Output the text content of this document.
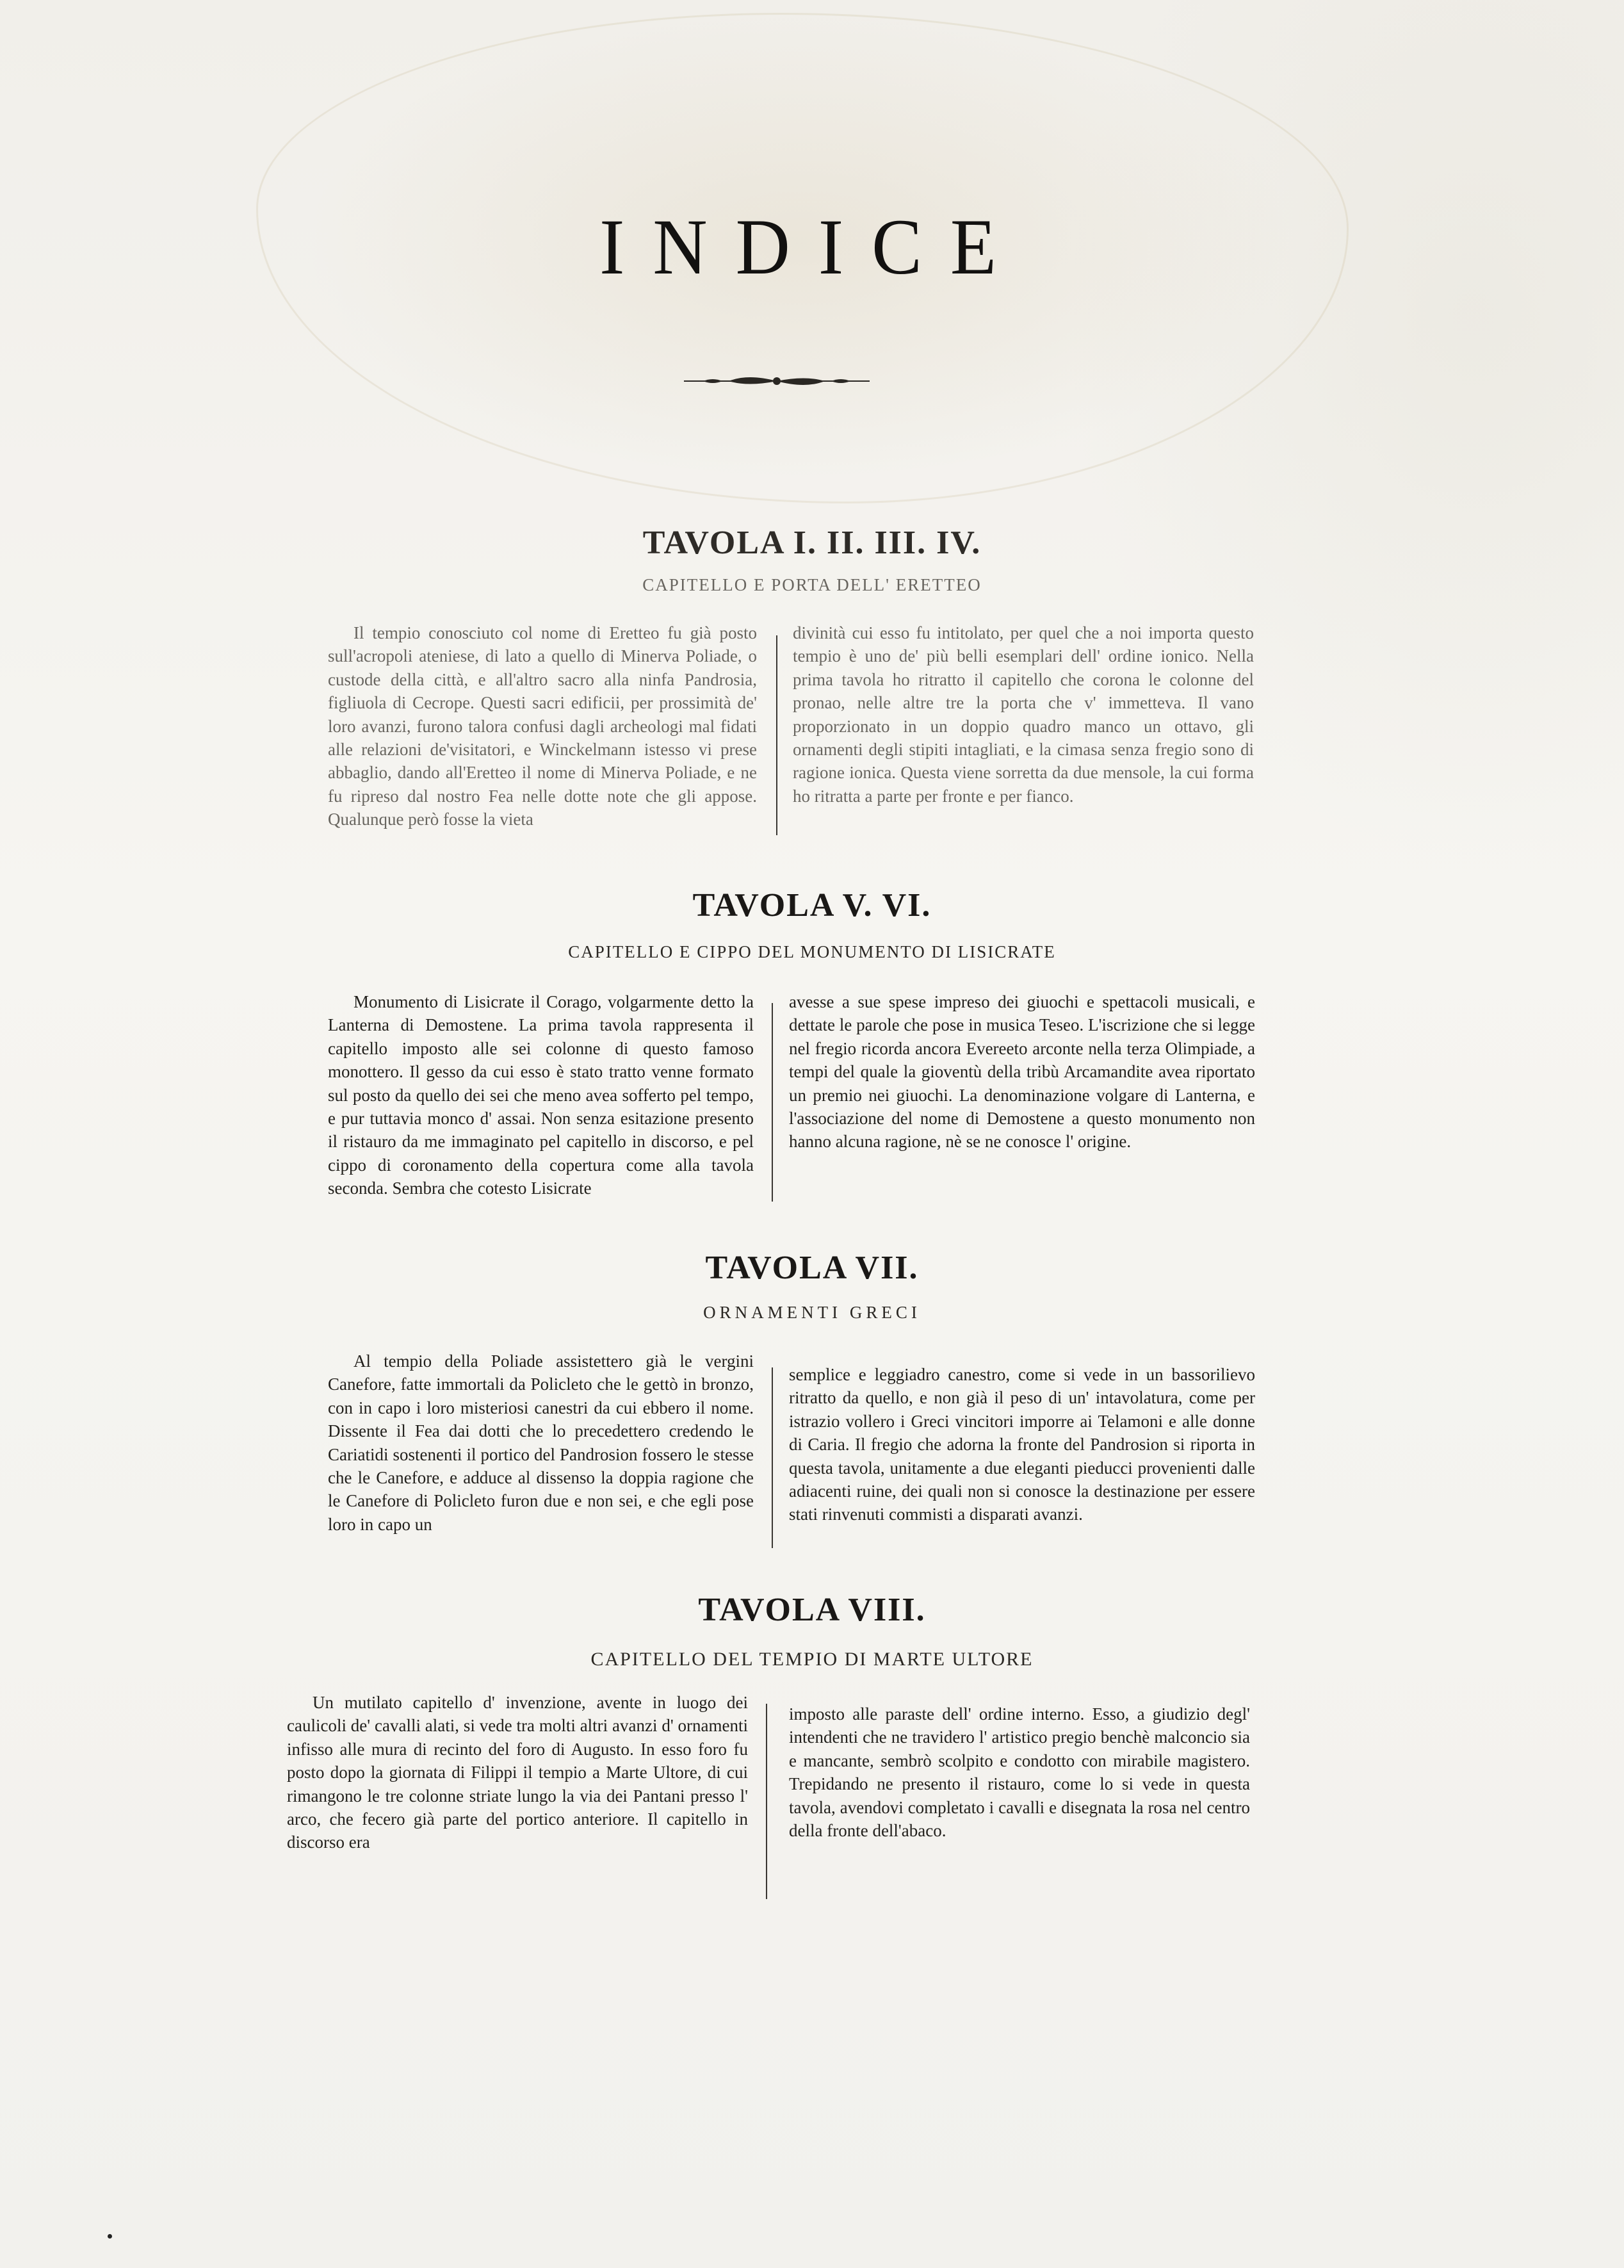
INDICE
TAVOLA I. II. III. IV.
CAPITELLO E PORTA DELL' ERETTEO

Il tempio conosciuto col nome di Eretteo fu già posto sull'acropoli ateniese, di lato a quello di Minerva Poliade, o custode della città, e all'altro sacro alla ninfa Pandrosia, figliuola di Cecrope. Questi sacri edificii, per prossimità de' loro avanzi, furono talora confusi dagli archeologi mal fidati alle relazioni de'visitatori, e Winckelmann istesso vi prese abbaglio, dando all'Eretteo il nome di Minerva Poliade, e ne fu ripreso dal nostro Fea nelle dotte note che gli appose. Qualunque però fosse la vieta

divinità cui esso fu intitolato, per quel che a noi importa questo tempio è uno de' più belli esemplari dell' ordine ionico. Nella prima tavola ho ritratto il capitello che corona le colonne del pronao, nelle altre tre la porta che v' immetteva. Il vano proporzionato in un doppio quadro manco un ottavo, gli ornamenti degli stipiti intagliati, e la cimasa senza fregio sono di ragione ionica. Questa viene sorretta da due mensole, la cui forma ho ritratta a parte per fronte e per fianco.

TAVOLA V. VI.
CAPITELLO E CIPPO DEL MONUMENTO DI LISICRATE

Monumento di Lisicrate il Corago, volgarmente detto la Lanterna di Demostene. La prima tavola rappresenta il capitello imposto alle sei colonne di questo famoso monottero. Il gesso da cui esso è stato tratto venne formato sul posto da quello dei sei che meno avea sofferto pel tempo, e pur tuttavia monco d' assai. Non senza esitazione presento il ristauro da me immaginato pel capitello in discorso, e pel cippo di coronamento della copertura come alla tavola seconda. Sembra che cotesto Lisicrate

avesse a sue spese impreso dei giuochi e spettacoli musicali, e dettate le parole che pose in musica Teseo. L'iscrizione che si legge nel fregio ricorda ancora Evereeto arconte nella terza Olimpiade, a tempi del quale la gioventù della tribù Arcamandite avea riportato un premio nei giuochi. La denominazione volgare di Lanterna, e l'associazione del nome di Demostene a questo monumento non hanno alcuna ragione, nè se ne conosce l' origine.

TAVOLA VII.
ORNAMENTI GRECI

Al tempio della Poliade assistettero già le vergini Canefore, fatte immortali da Policleto che le gettò in bronzo, con in capo i loro misteriosi canestri da cui ebbero il nome. Dissente il Fea dai dotti che lo precedettero credendo le Cariatidi sostenenti il portico del Pandrosion fossero le stesse che le Canefore, e adduce al dissenso la doppia ragione che le Canefore di Policleto furon due e non sei, e che egli pose loro in capo un

semplice e leggiadro canestro, come si vede in un bassorilievo ritratto da quello, e non già il peso di un' intavolatura, come per istrazio vollero i Greci vincitori imporre ai Telamoni e alle donne di Caria. Il fregio che adorna la fronte del Pandrosion si riporta in questa tavola, unitamente a due eleganti pieducci provenienti dalle adiacenti ruine, dei quali non si conosce la destinazione per essere stati rinvenuti commisti a disparati avanzi.

TAVOLA VIII.
CAPITELLO DEL TEMPIO DI MARTE ULTORE

Un mutilato capitello d' invenzione, avente in luogo dei caulicoli de' cavalli alati, si vede tra molti altri avanzi d' ornamenti infisso alle mura di recinto del foro di Augusto. In esso foro fu posto dopo la giornata di Filippi il tempio a Marte Ultore, di cui rimangono le tre colonne striate lungo la via dei Pantani presso l' arco, che fecero già parte del portico anteriore. Il capitello in discorso era

imposto alle paraste dell' ordine interno. Esso, a giudizio degl' intendenti che ne travidero l' artistico pregio benchè malconcio sia e mancante, sembrò scolpito e condotto con mirabile magistero. Trepidando ne presento il ristauro, come lo si vede in questa tavola, avendovi completato i cavalli e disegnata la rosa nel centro della fronte dell'abaco.
